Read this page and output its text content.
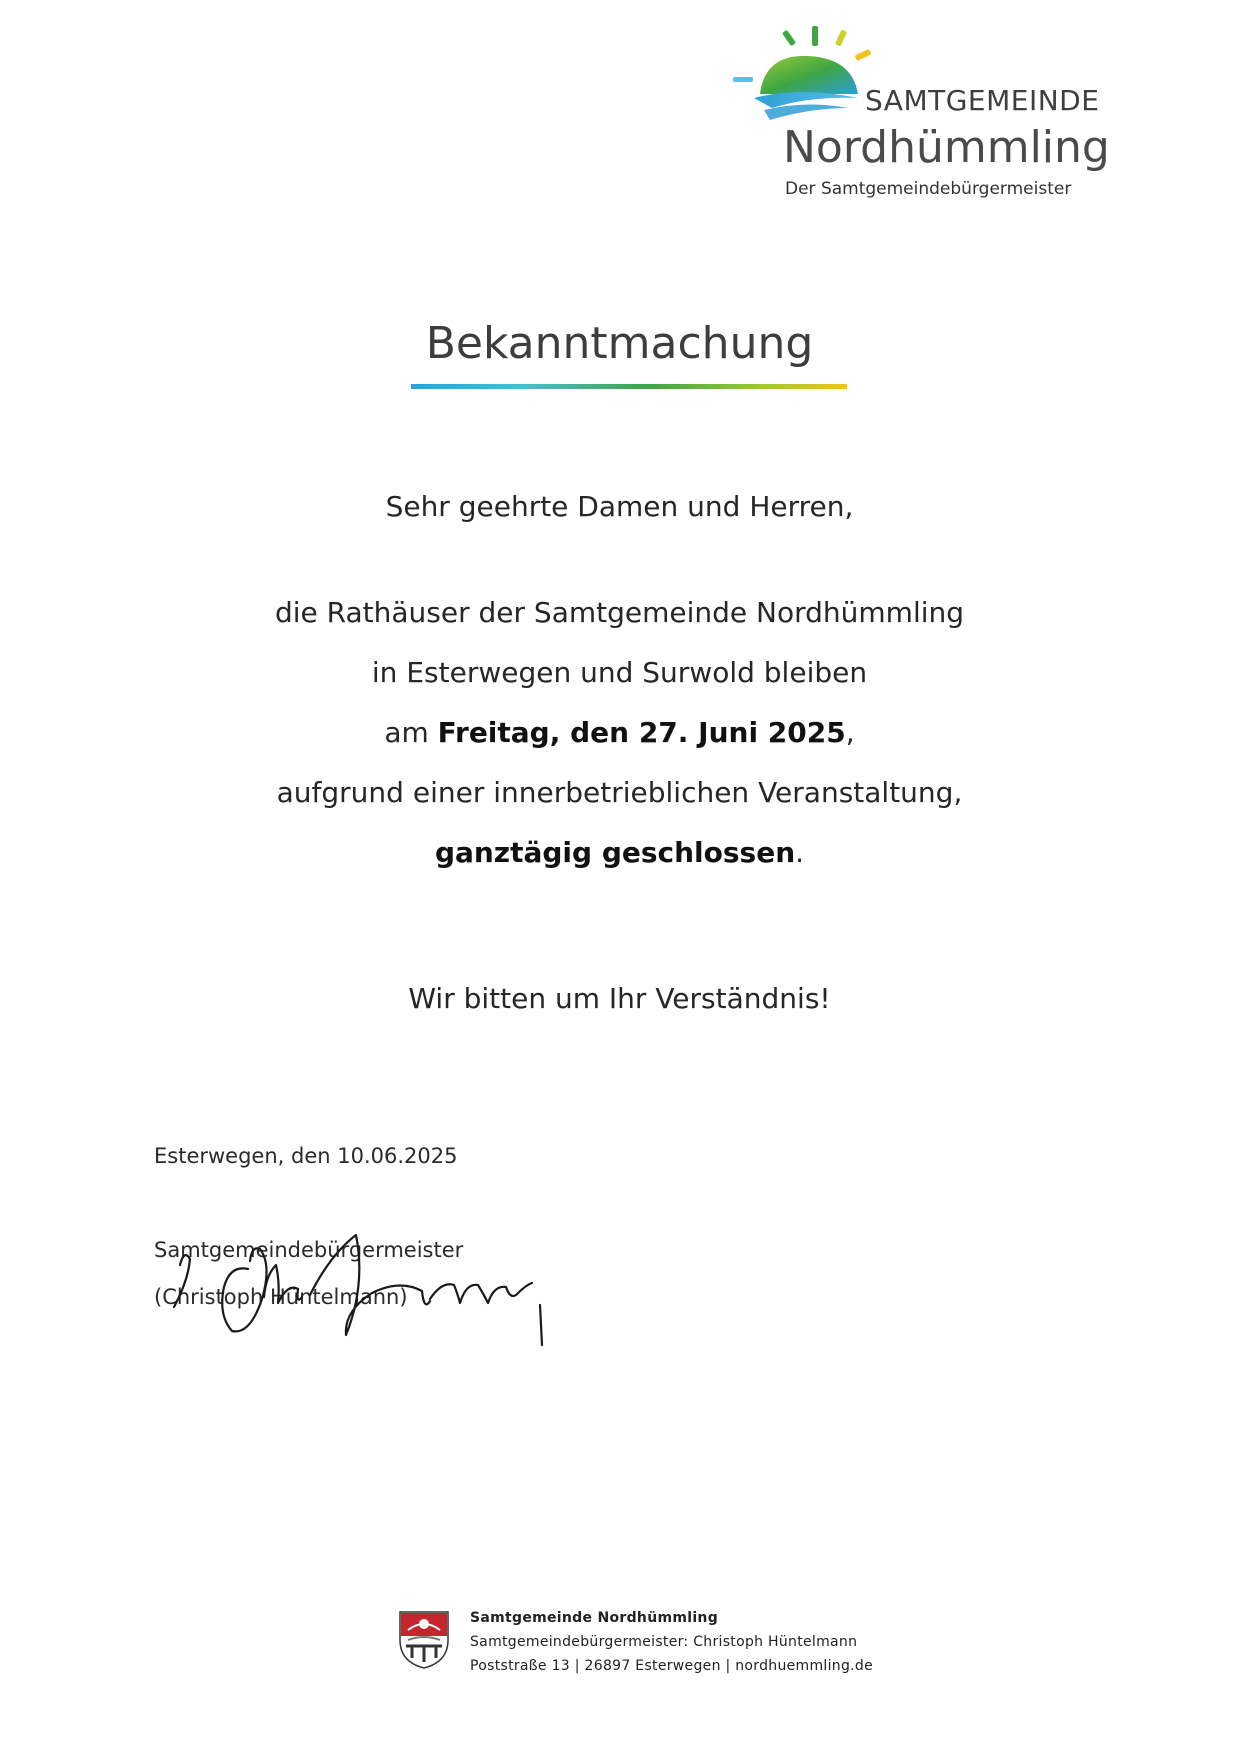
SAMTGEMEINDE
Nordhümmling
Der Samtgemeindebürgermeister
Bekanntmachung
Sehr geehrte Damen und Herren,
die Rathäuser der Samtgemeinde Nordhümmling
in Esterwegen und Surwold bleiben
am Freitag, den 27. Juni 2025,
aufgrund einer innerbetrieblichen Veranstaltung,
ganztägig geschlossen.
Wir bitten um Ihr Verständnis!
Esterwegen, den 10.06.2025
Samtgemeindebürgermeister
(Christoph Hüntelmann)
Samtgemeinde Nordhümmling
Samtgemeindebürgermeister: Christoph Hüntelmann
Poststraße 13 | 26897 Esterwegen | nordhuemmling.de
